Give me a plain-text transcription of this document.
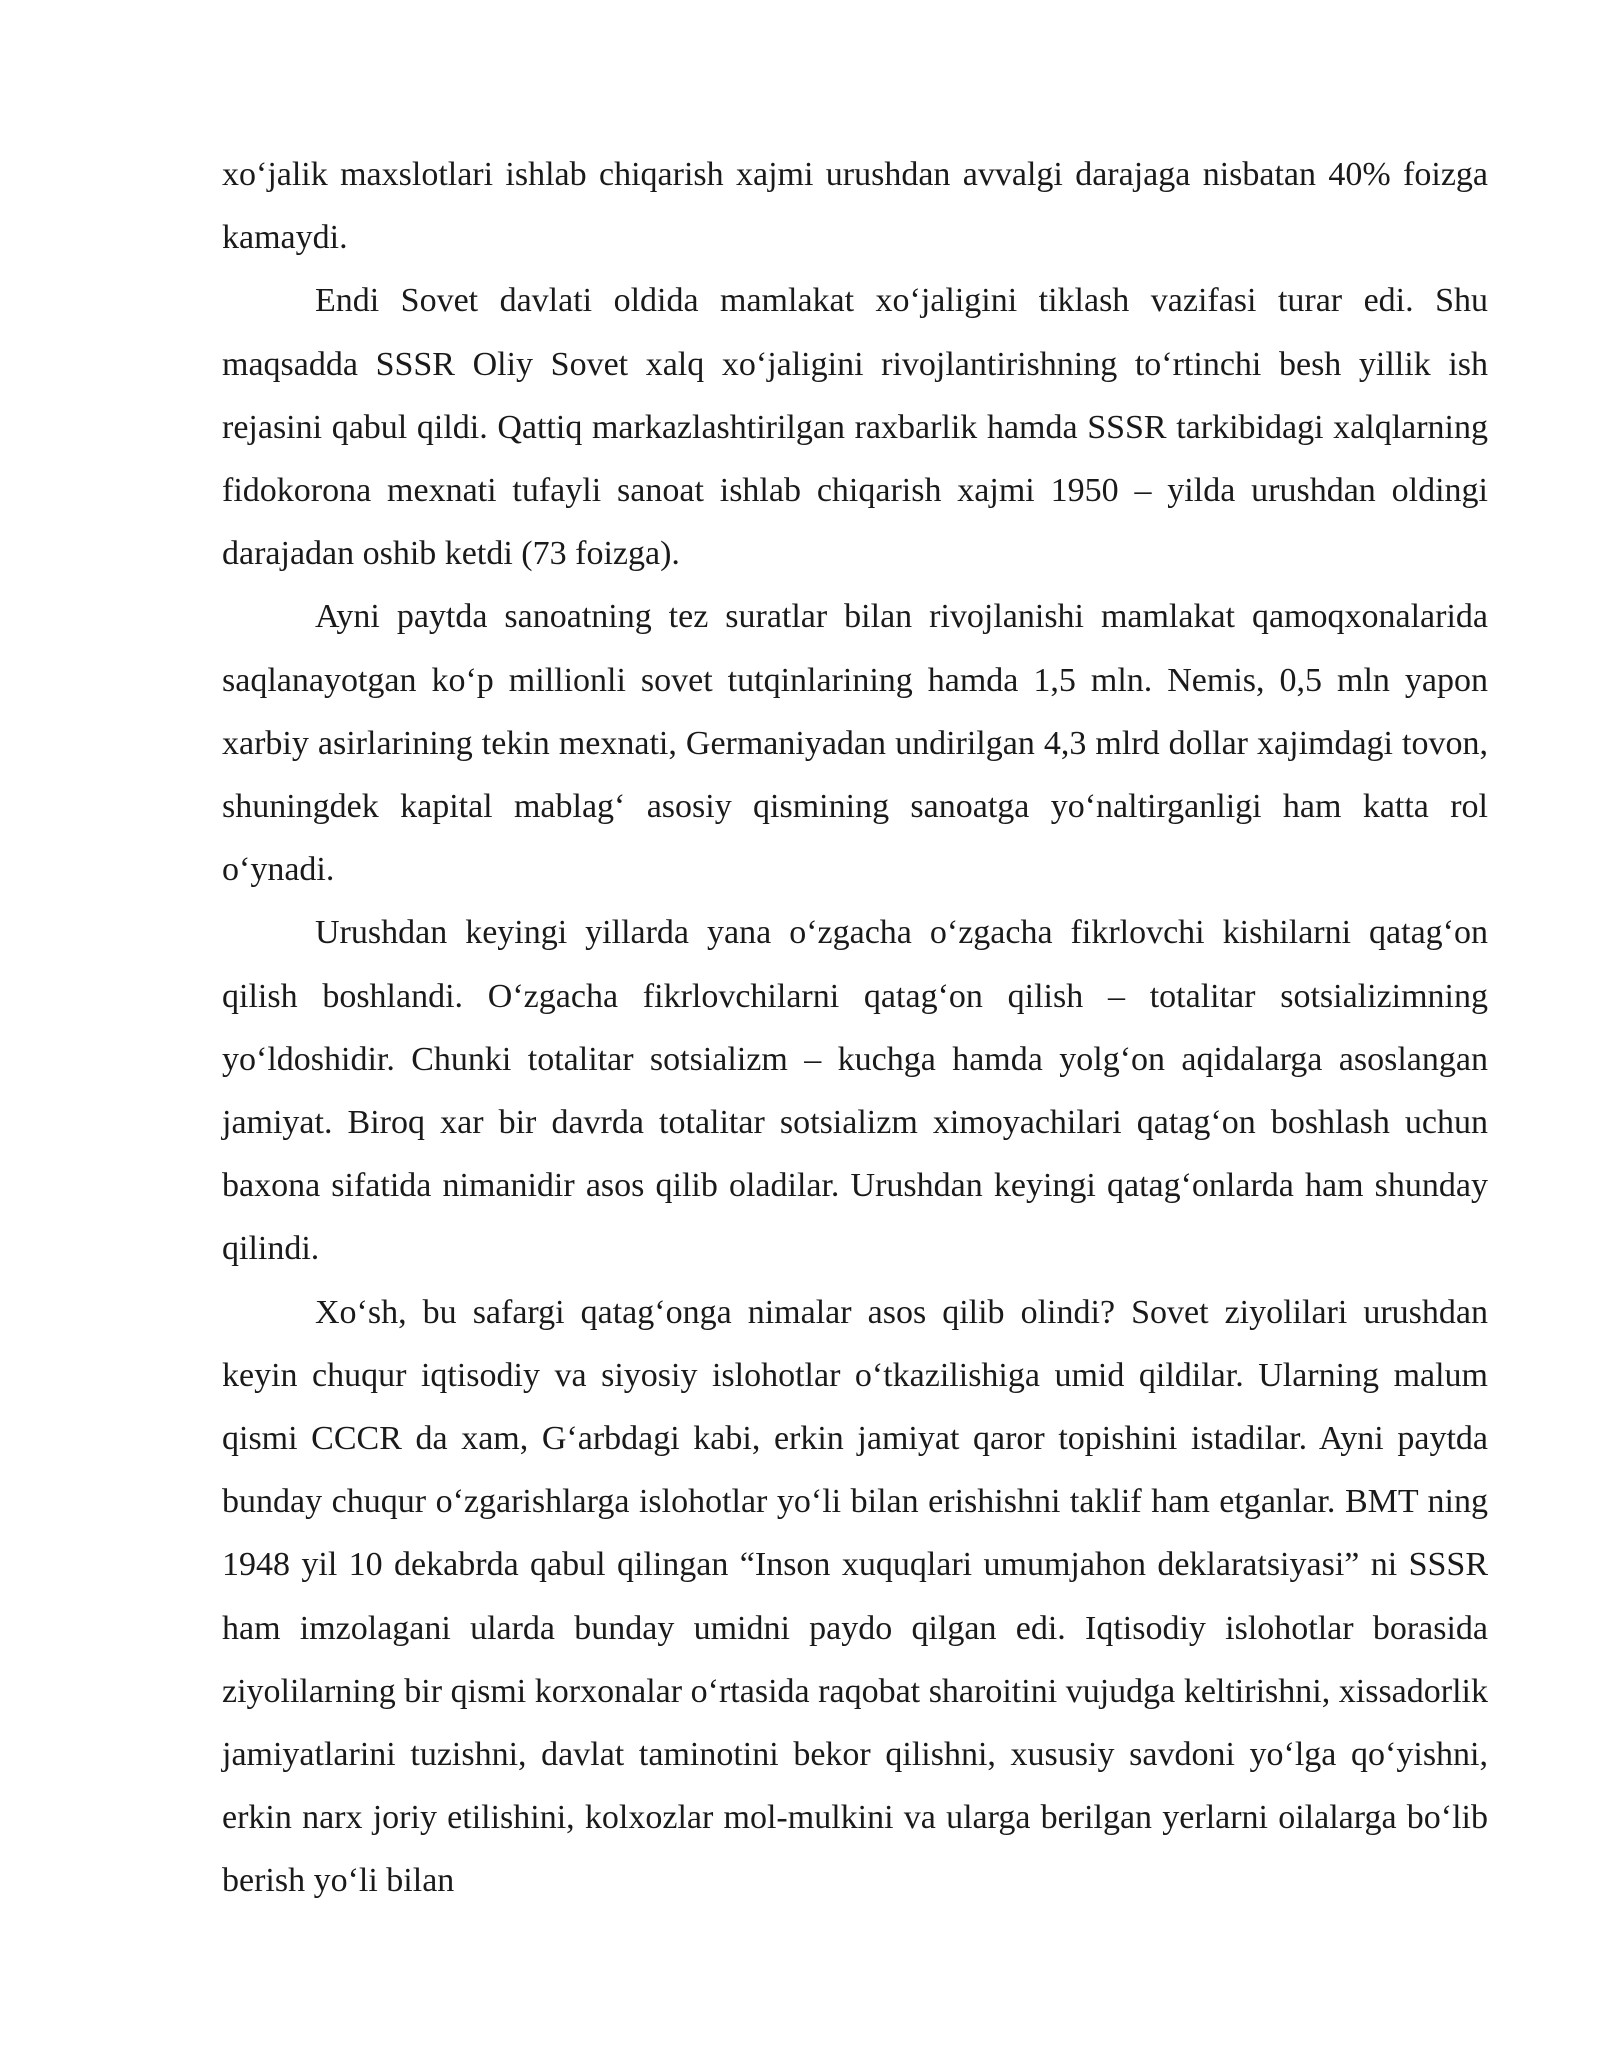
xo‘jalik maxslotlari ishlab chiqarish xajmi urushdan avvalgi darajaga nisbatan 40% foizga kamaydi.

Endi Sovet davlati oldida mamlakat xo‘jaligini tiklash vazifasi turar edi. Shu maqsadda SSSR Oliy Sovet xalq xo‘jaligini rivojlantirishning to‘rtinchi besh yillik ish rejasini qabul qildi. Qattiq markazlashtirilgan raxbarlik hamda SSSR tarkibidagi xalqlarning fidokorona mexnati tufayli sanoat ishlab chiqarish xajmi 1950 – yilda urushdan oldingi darajadan oshib ketdi (73 foizga).

Ayni paytda sanoatning tez suratlar bilan rivojlanishi mamlakat qamoqxonalarida saqlanayotgan ko‘p millionli sovet tutqinlarining hamda 1,5 mln. Nemis, 0,5 mln yapon xarbiy asirlarining tekin mexnati, Germaniyadan undirilgan 4,3 mlrd dollar xajimdagi tovon, shuningdek kapital mablag‘ asosiy qismining sanoatga yo‘naltirganligi ham katta rol o‘ynadi.

Urushdan keyingi yillarda yana o‘zgacha o‘zgacha fikrlovchi kishilarni qatag‘on qilish boshlandi. O‘zgacha fikrlovchilarni qatag‘on qilish – totalitar sotsializimning yo‘ldoshidir. Chunki totalitar sotsializm – kuchga hamda yolg‘on aqidalarga asoslangan jamiyat. Biroq xar bir davrda totalitar sotsializm ximoyachilari qatag‘on boshlash uchun baxona sifatida nimanidir asos qilib oladilar. Urushdan keyingi qatag‘onlarda ham shunday qilindi.

Xo‘sh, bu safargi qatag‘onga nimalar asos qilib olindi? Sovet ziyolilari urushdan keyin chuqur iqtisodiy va siyosiy islohotlar o‘tkazilishiga umid qildilar. Ularning malum qismi CCCR da xam, G‘arbdagi kabi, erkin jamiyat qaror topishini istadilar. Ayni paytda bunday chuqur o‘zgarishlarga islohotlar yo‘li bilan erishishni taklif ham etganlar. BMT ning 1948 yil 10 dekabrda qabul qilingan “Inson xuquqlari umumjahon deklaratsiyasi” ni SSSR ham imzolagani ularda bunday umidni paydo qilgan edi. Iqtisodiy islohotlar borasida ziyolilarning bir qismi korxonalar o‘rtasida raqobat sharoitini vujudga keltirishni, xissadorlik jamiyatlarini tuzishni, davlat taminotini bekor qilishni, xususiy savdoni yo‘lga qo‘yishni, erkin narx joriy etilishini, kolxozlar mol-mulkini va ularga berilgan yerlarni oilalarga bo‘lib berish yo‘li bilan
